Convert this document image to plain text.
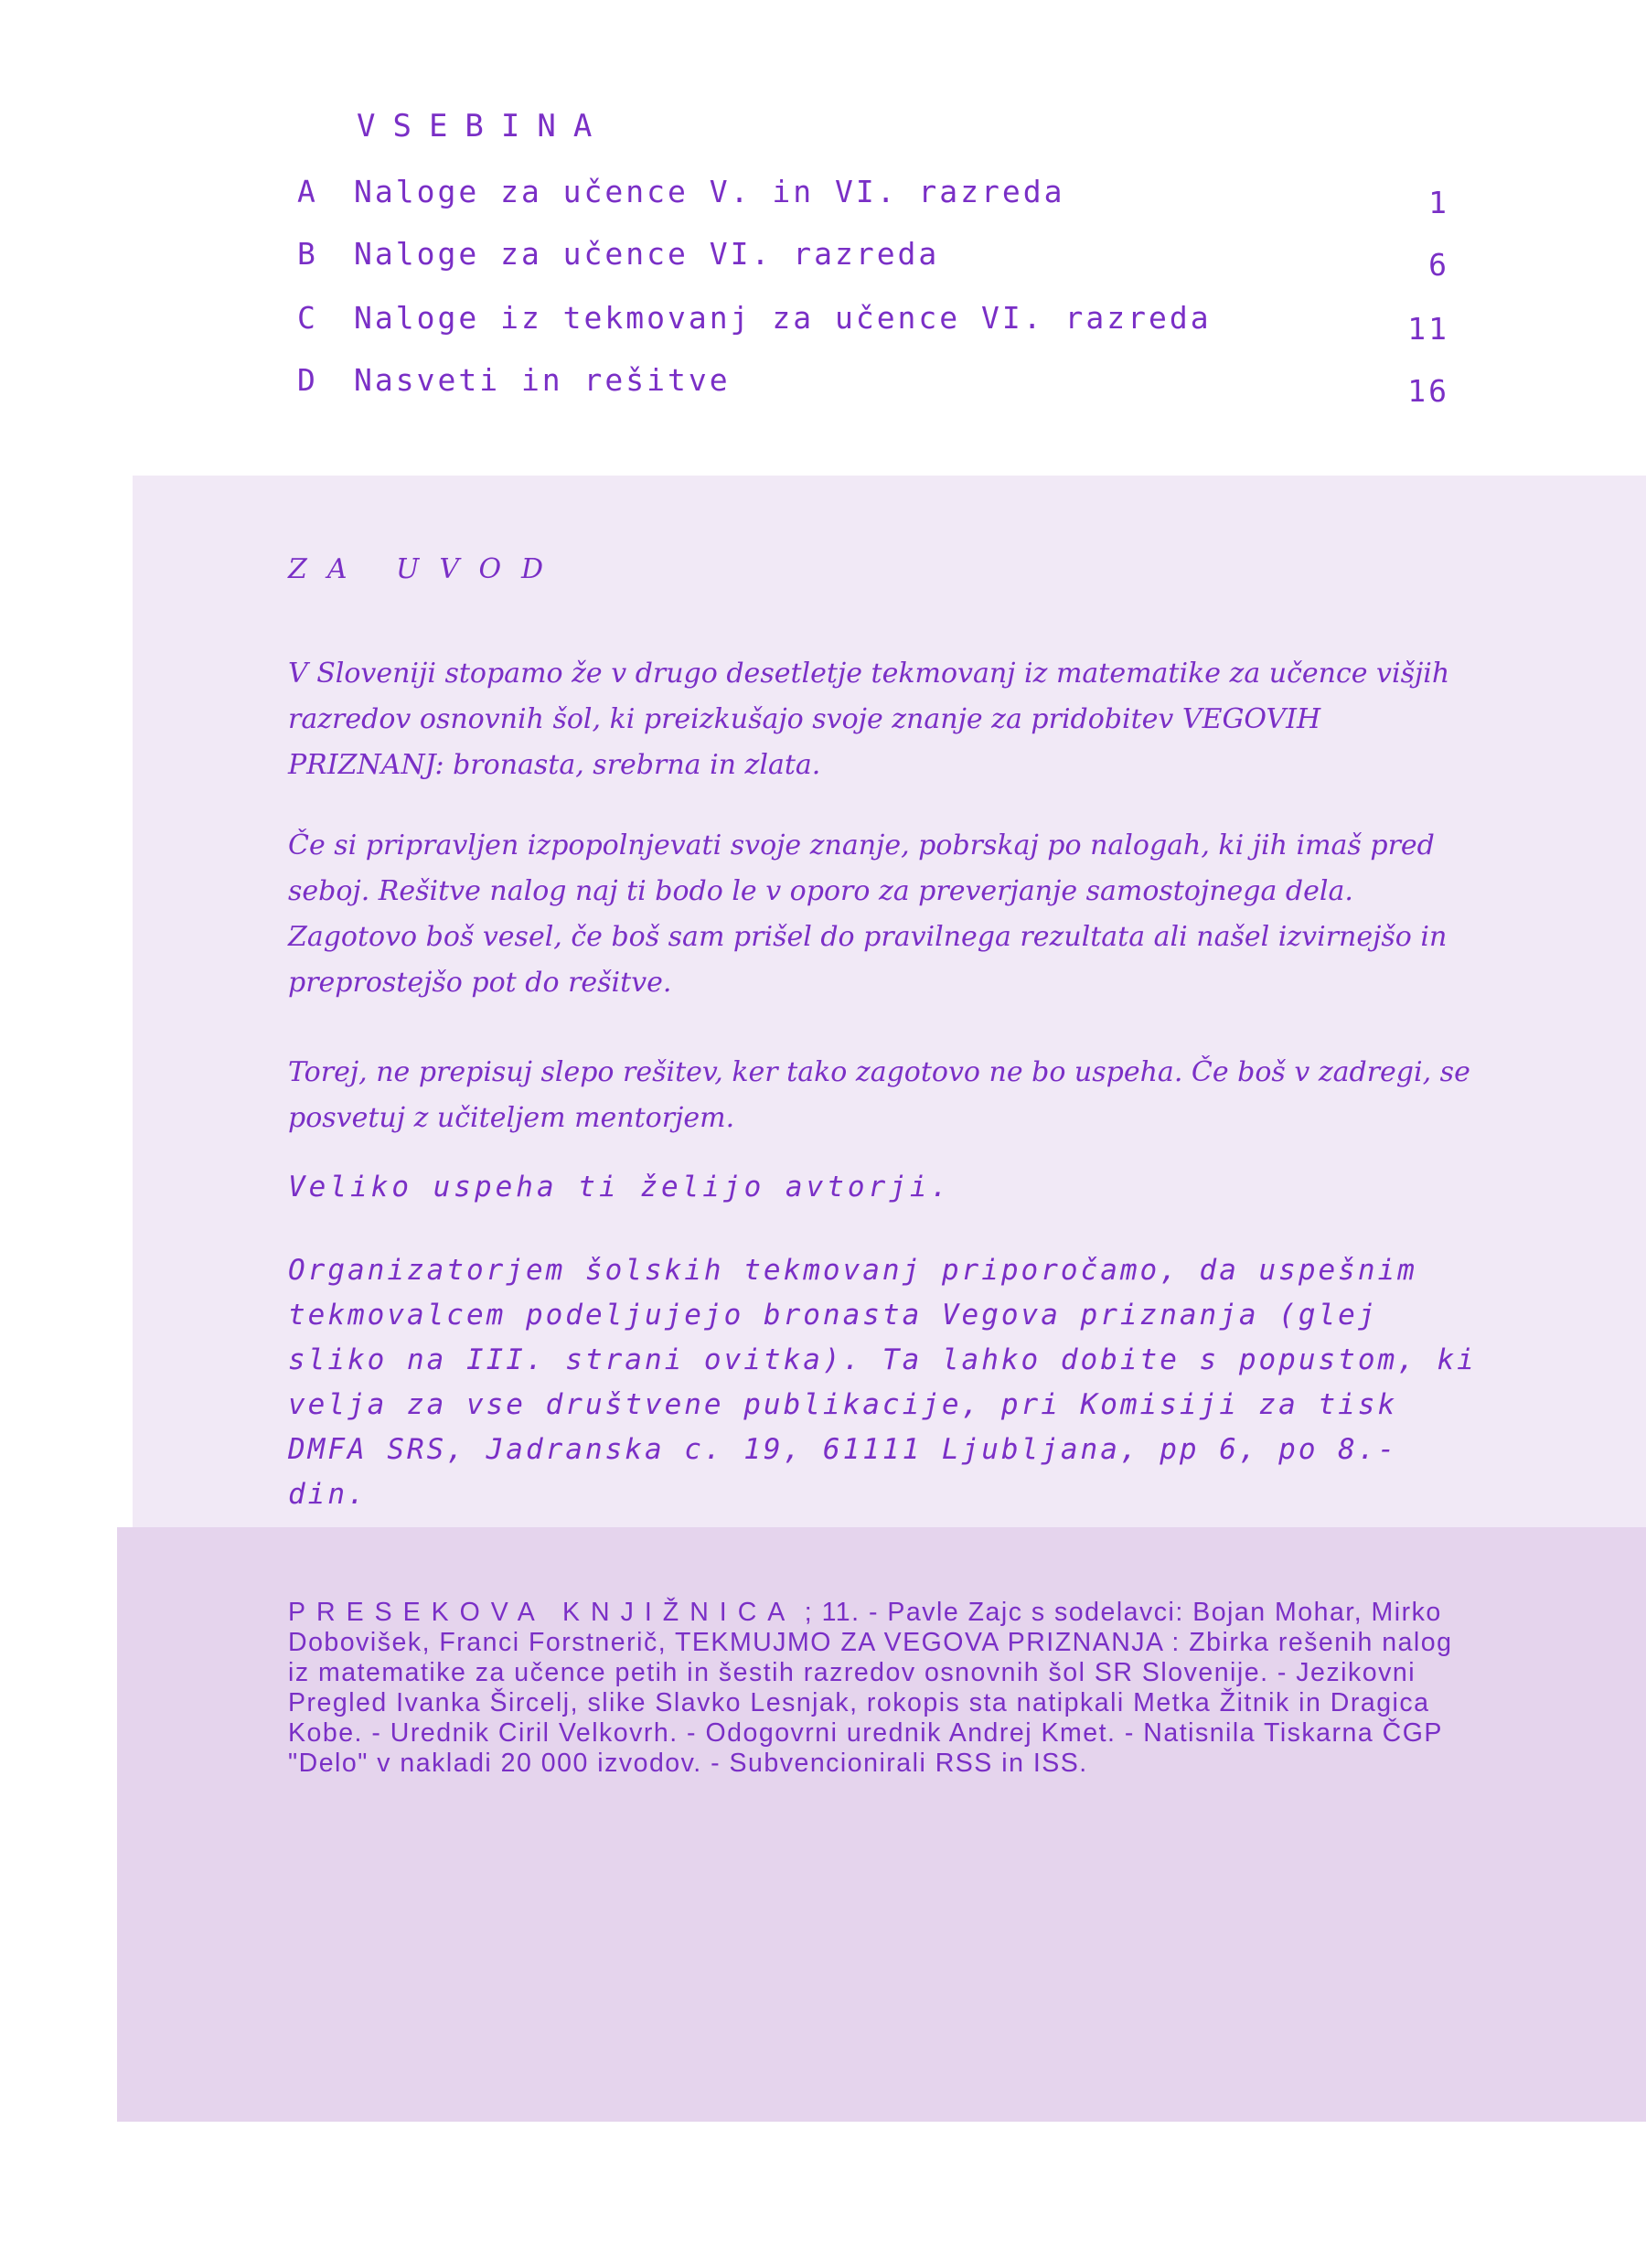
VSEBINA
A Naloge za učence V. in VI. razreda	1
B Naloge za učence VI. razreda	6
C Naloge iz tekmovanj za učence VI. razreda	11
D Nasveti in rešitve	16
ZA UVOD
V Sloveniji stopamo že v drugo desetletje tekmovanj iz matematike za učence višjih razredov osnovnih šol, ki preizkušajo svoje znanje za pridobitev VEGOVIH PRIZNANJ: bronasta, srebrna in zlata.
Če si pripravljen izpopolnjevati svoje znanje, pobrskaj po nalogah, ki jih imaš pred seboj. Rešitve nalog naj ti bodo le v oporo za preverjanje samostojnega dela. Zagotovo boš vesel, če boš sam prišel do pravilnega rezultata ali našel izvirnejšo in preprostejšo pot do rešitve.
Torej, ne prepisuj slepo rešitev, ker tako zagotovo ne bo uspeha. Če boš v zadregi, se posvetuj z učiteljem mentorjem.
Veliko uspeha ti želijo avtorji.
Organizatorjem šolskih tekmovanj priporočamo, da uspešnim tekmovalcem podeljujejo bronasta Vegova priznanja (glej sliko na III. strani ovitka). Ta lahko dobite s popustom, ki velja za vse društvene publikacije, pri Komisiji za tisk DMFA SRS, Jadranska c. 19, 61111 Ljubljana, pp 6, po 8.- din.
PRESEKOVA KNJIŽNICA ; 11. - Pavle Zajc s sodelavci: Bojan Mohar, Mirko Dobovišek, Franci Forstnerič, TEKMUJMO ZA VEGOVA PRIZNANJA : Zbirka rešenih nalog iz matematike za učence petih in šestih razredov osnovnih šol SR Slovenije. - Jezikovni Pregled Ivanka Šircelj, slike Slavko Lesnjak, rokopis sta natipkali Metka Žitnik in Dragica Kobe. - Urednik Ciril Velkovrh. - Odogovrni urednik Andrej Kmet. - Natisnila Tiskarna ČGP "Delo" v nakladi 20 000 izvodov. - Subvencionirali RSS in ISS.
